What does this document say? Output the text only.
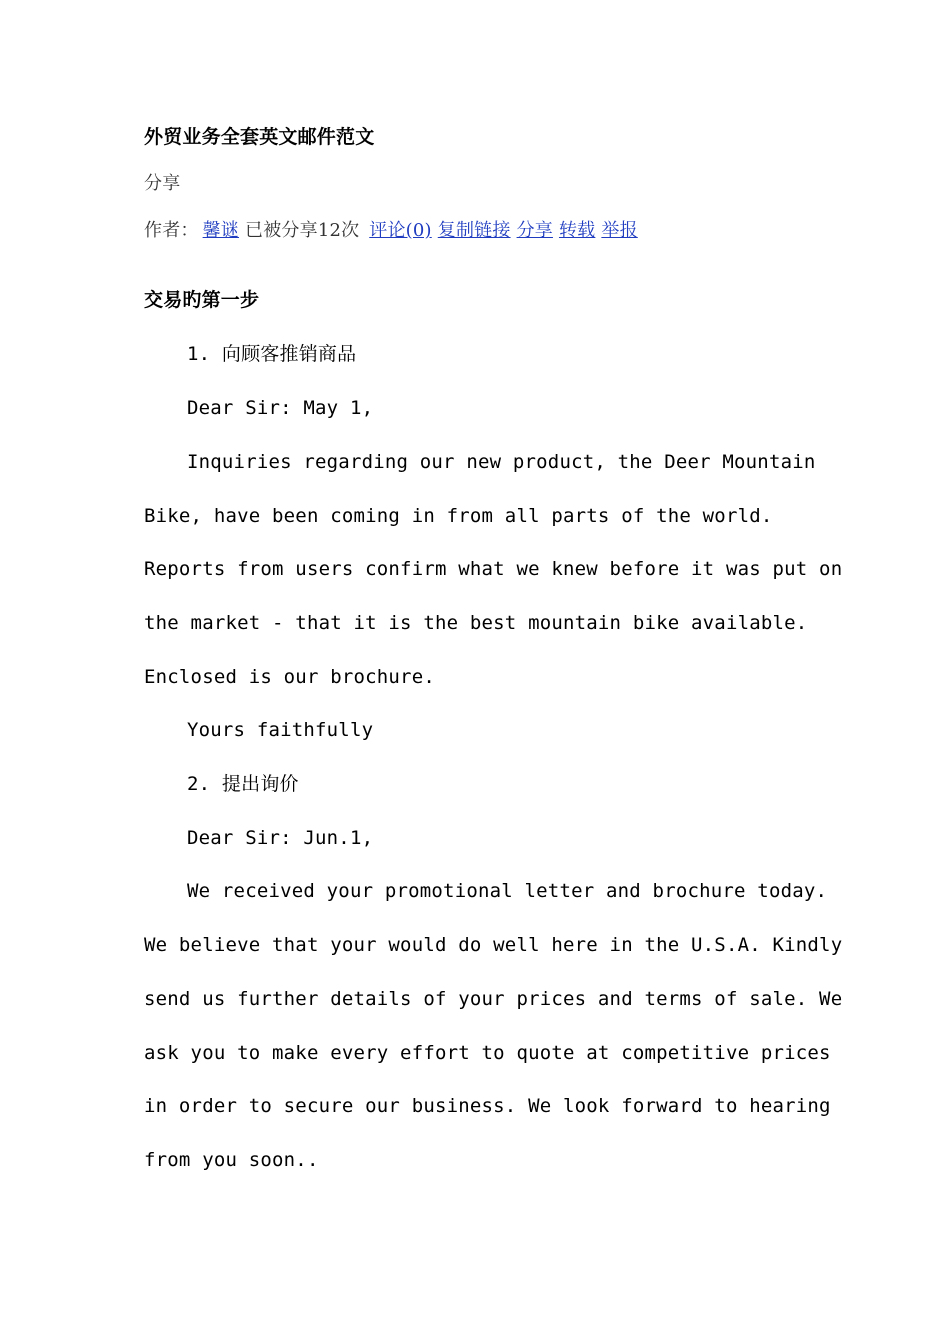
外贸业务全套英文邮件范文
分享
作者： 馨谜 已被分享12次 评论(0) 复制链接 分享 转载 举报
交易旳第一步
1. 向顾客推销商品
Dear Sir: May 1,
Inquiries regarding our new product, the Deer Mountain
Bike, have been coming in from all parts of the world.
Reports from users confirm what we knew before it was put on
the market - that it is the best mountain bike available.
Enclosed is our brochure.
Yours faithfully
2. 提出询价
Dear Sir: Jun.1,
We received your promotional letter and brochure today.
We believe that your would do well here in the U.S.A. Kindly
send us further details of your prices and terms of sale. We
ask you to make every effort to quote at competitive prices
in order to secure our business. We look forward to hearing
from you soon..
